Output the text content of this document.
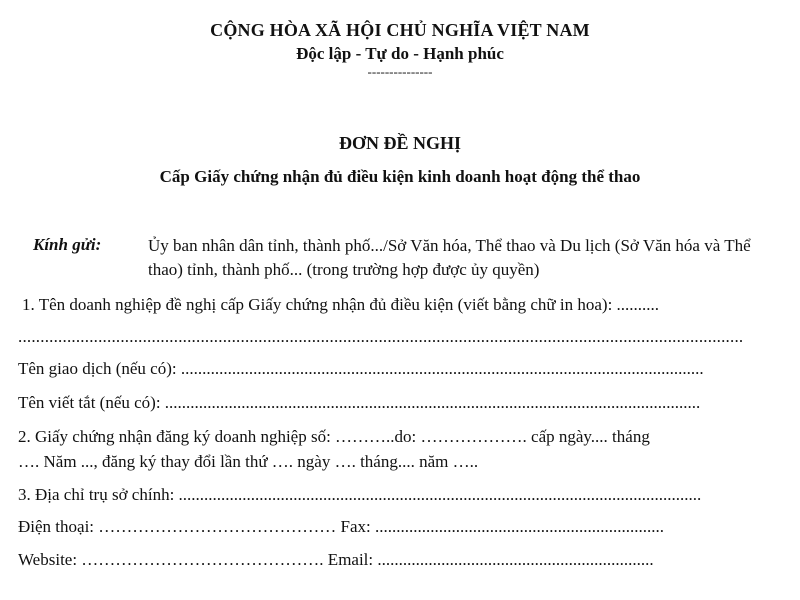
CỘNG HÒA XÃ HỘI CHỦ NGHĨA VIỆT NAM
Độc lập - Tự do - Hạnh phúc
---------------
ĐƠN ĐỀ NGHỊ
Cấp Giấy chứng nhận đủ điều kiện kinh doanh hoạt động thể thao
Kính gửi:	Ủy ban nhân dân tỉnh, thành phố.../Sở Văn hóa, Thể thao và Du lịch (Sở Văn hóa và Thể thao) tỉnh, thành phố... (trong trường hợp được ủy quyền)
1. Tên doanh nghiệp đề nghị cấp Giấy chứng nhận đủ điều kiện (viết bằng chữ in hoa): ..........
...................................................................................................................................................................
Tên giao dịch (nếu có): ...........................................................................................................................
Tên viết tắt (nếu có): ..............................................................................................................................
2. Giấy chứng nhận đăng ký doanh nghiệp số: ………..do: ………………. cấp ngày.... tháng
…. Năm ..., đăng ký thay đổi lần thứ …. ngày …. tháng.... năm …..
3. Địa chỉ trụ sở chính: ...........................................................................................................................
Điện thoại: …………………………………… Fax: ....................................................................
Website: ……………………………………. Email: .................................................................
